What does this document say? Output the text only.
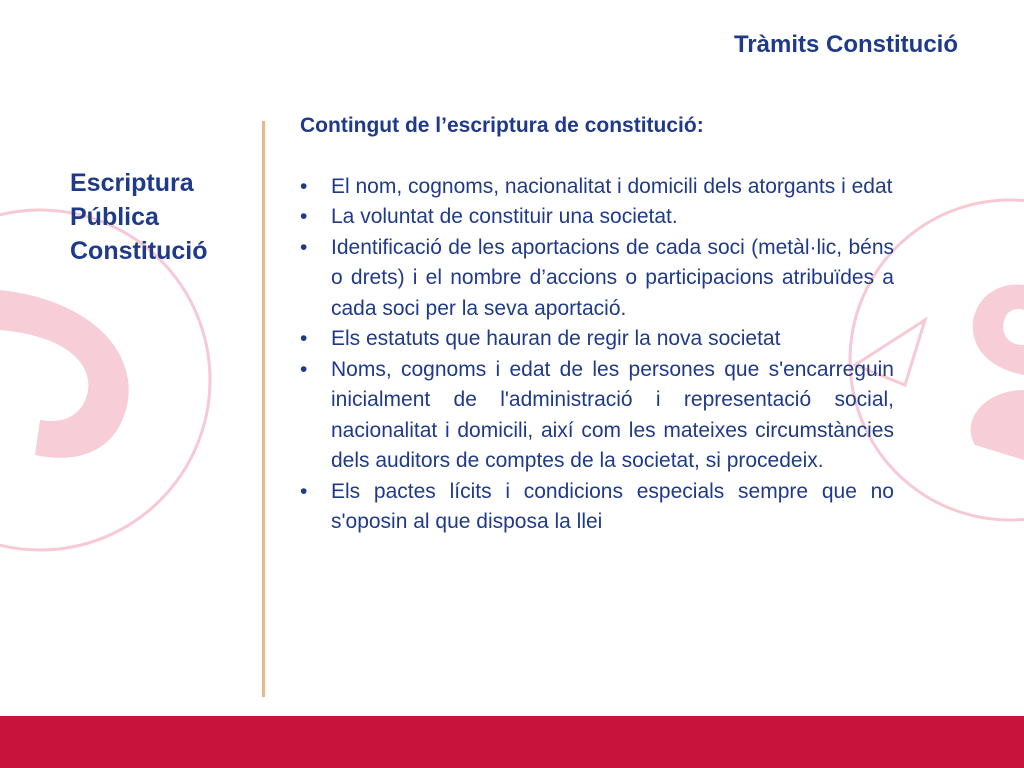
Tràmits Constitució
Escriptura
Pública
Constitució
Contingut de l’escriptura de constitució:
•	El nom, cognoms, nacionalitat i domicili dels atorgants i edat
•	La voluntat de constituir una societat.
•	Identificació de les aportacions de cada soci (metàl·lic, béns o drets) i el nombre d’accions o participacions atribuïdes a cada soci per la seva aportació.
•	Els estatuts que hauran de regir la nova societat
•	Noms, cognoms i edat de les persones que s'encarreguin inicialment de l'administració i representació social, nacionalitat i domicili, així com les mateixes circumstàncies dels auditors de comptes de la societat, si procedeix.
•	Els pactes lícits i condicions especials sempre que no s'oposin al que disposa la llei
